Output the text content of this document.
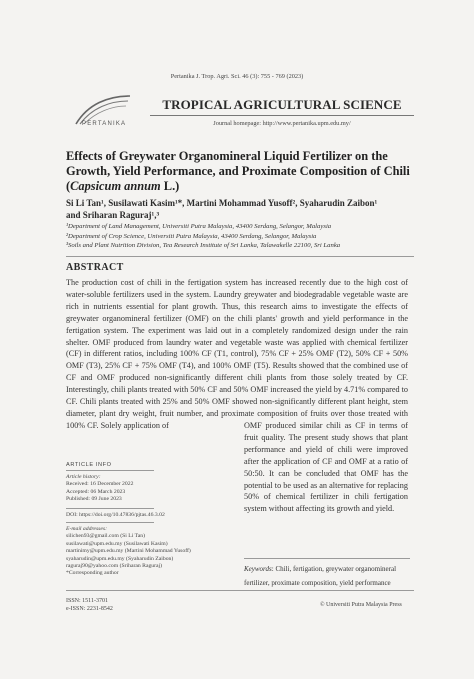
Pertanika J. Trop. Agri. Sci. 46 (3): 755 - 769 (2023)
PERTANIKA
TROPICAL AGRICULTURAL SCIENCE
Journal homepage: http://www.pertanika.upm.edu.my/
Effects of Greywater Organomineral Liquid Fertilizer on the Growth, Yield Performance, and Proximate Composition of Chili (Capsicum annum L.)
Si Li Tan¹, Susilawati Kasim¹*, Martini Mohammad Yusoff², Syaharudin Zaibon¹
and Sriharan Raguraj¹,³
¹Department of Land Management, Universiti Putra Malaysia, 43400 Serdang, Selangor, Malaysia
²Department of Crop Science, Universiti Putra Malaysia, 43400 Serdang, Selangor, Malaysia
³Soils and Plant Nutrition Division, Tea Research Institute of Sri Lanka, Talawakelle 22100, Sri Lanka
ABSTRACT
The production cost of chili in the fertigation system has increased recently due to the high cost of water-soluble fertilizers used in the system. Laundry greywater and biodegradable vegetable waste are rich in nutrients essential for plant growth. Thus, this research aims to investigate the effects of greywater organomineral fertilizer (OMF) on the chili plants' growth and yield performance in the fertigation system. The experiment was laid out in a completely randomized design under the rain shelter. OMF produced from laundry water and vegetable waste was applied with chemical fertilizer (CF) in different ratios, including 100% CF (T1, control), 75% CF + 25% OMF (T2), 50% CF + 50% OMF (T3), 25% CF + 75% OMF (T4), and 100% OMF (T5). Results showed that the combined use of CF and OMF produced non-significantly different chili plants from those solely treated by CF. Interestingly, chili plants treated with 50% CF and 50% OMF increased the yield by 4.71% compared to CF. Chili plants treated with 25% and 50% OMF showed non-significantly different plant height, stem diameter, plant dry weight, fruit number, and proximate composition of fruits over those treated with 100% CF. Solely application of
ARTICLE INFO
Article history:
Received: 16 December 2022
Accepted: 06 March 2023
Published: 09 June 2023
DOI: https://doi.org/10.47836/pjtas.46.3.02
E-mail addresses:
silichen93@gmail.com (Si Li Tan)
susilawati@upm.edu.my (Susilawati Kasim)
martinimy@upm.edu.my (Martini Mohammad Yusoff)
syaharudin@upm.edu.my (Syaharudin Zaibon)
raguraj90@yahoo.com (Sriharan Raguraj)
*Corresponding author
OMF produced similar chili as CF in terms of fruit quality. The present study shows that plant performance and yield of chili were improved after the application of CF and OMF at a ratio of 50:50. It can be concluded that OMF has the potential to be used as an alternative for replacing 50% of chemical fertilizer in chili fertigation system without affecting its growth and yield.
Keywords: Chili, fertigation, greywater organomineral fertilizer, proximate composition, yield performance
ISSN: 1511-3701
e-ISSN: 2231-8542
© Universiti Putra Malaysia Press
